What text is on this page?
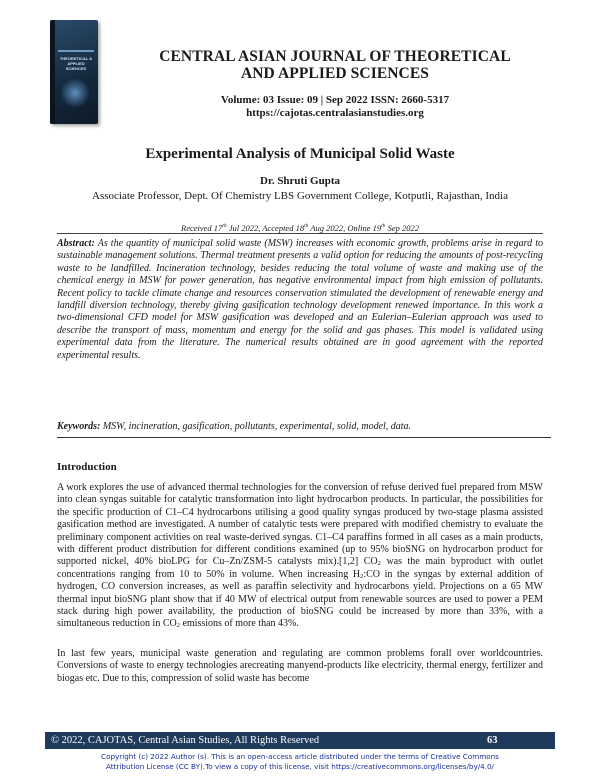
THEORETICAL & APPLIED SCIENCES
CENTRAL ASIAN JOURNAL OF THEORETICAL
AND APPLIED SCIENCES
Volume: 03 Issue: 09 | Sep 2022 ISSN: 2660-5317
https://cajotas.centralasianstudies.org
Experimental Analysis of Municipal Solid Waste
Dr. Shruti Gupta
Associate Professor, Dept. Of Chemistry LBS Government College, Kotputli, Rajasthan, India
Received 17th Jul 2022, Accepted 18th Aug 2022, Online 19th Sep 2022
Abstract: As the quantity of municipal solid waste (MSW) increases with economic growth, problems arise in regard to sustainable management solutions. Thermal treatment presents a valid option for reducing the amounts of post-recycling waste to be landfilled. Incineration technology, besides reducing the total volume of waste and making use of the chemical energy in MSW for power generation, has negative environmental impact from high emission of pollutants. Recent policy to tackle climate change and resources conservation stimulated the development of renewable energy and landfill diversion technology, thereby giving gasification technology development renewed importance. In this work a two-dimensional CFD model for MSW gasification was developed and an Eulerian–Eulerian approach was used to describe the transport of mass, momentum and energy for the solid and gas phases. This model is validated using experimental data from the literature. The numerical results obtained are in good agreement with the reported experimental results.
Keywords: MSW, incineration, gasification, pollutants, experimental, solid, model, data.
Introduction
A work explores the use of advanced thermal technologies for the conversion of refuse derived fuel prepared from MSW into clean syngas suitable for catalytic transformation into light hydrocarbon products. In particular, the possibilities for the specific production of C1–C4 hydrocarbons utilising a good quality syngas produced by two-stage plasma assisted gasification method are investigated. A number of catalytic tests were prepared with modified chemistry to evaluate the preliminary component activities on real waste-derived syngas. C1–C4 paraffins formed in all cases as a main products, with different product distribution for different conditions examined (up to 95% bioSNG on hydrocarbon product for supported nickel, 40% bioLPG for Cu–Zn/ZSM-5 catalysts mix).[1,2] $CO_2$ was the main byproduct with outlet concentrations ranging from 10 to 50% in volume. When increasing $H_2:CO$ in the syngas by external addition of hydrogen, CO conversion increases, as well as paraffin selectivity and hydrocarbons yield. Projections on a 65 MW thermal input bioSNG plant show that if 40 MW of electrical output from renewable sources are used to power a PEM stack during high power availability, the production of bioSNG could be increased by more than 33%, with a simultaneous reduction in $CO_2$ emissions of more than 43%.
In last few years, municipal waste generation and regulating are common problems forall over worldcountries. Conversions of waste to energy technologies arecreating manyend-products like electricity, thermal energy, fertilizer and biogas etc. Due to this, compression of solid waste has become
© 2022, CAJOTAS, Central Asian Studies, All Rights Reserved	63
Copyright (c) 2022 Author (s). This is an open-access article distributed under the terms of Creative Commons
Attribution License (CC BY).To view a copy of this license, visit https://creativecommons.org/licenses/by/4.0/
